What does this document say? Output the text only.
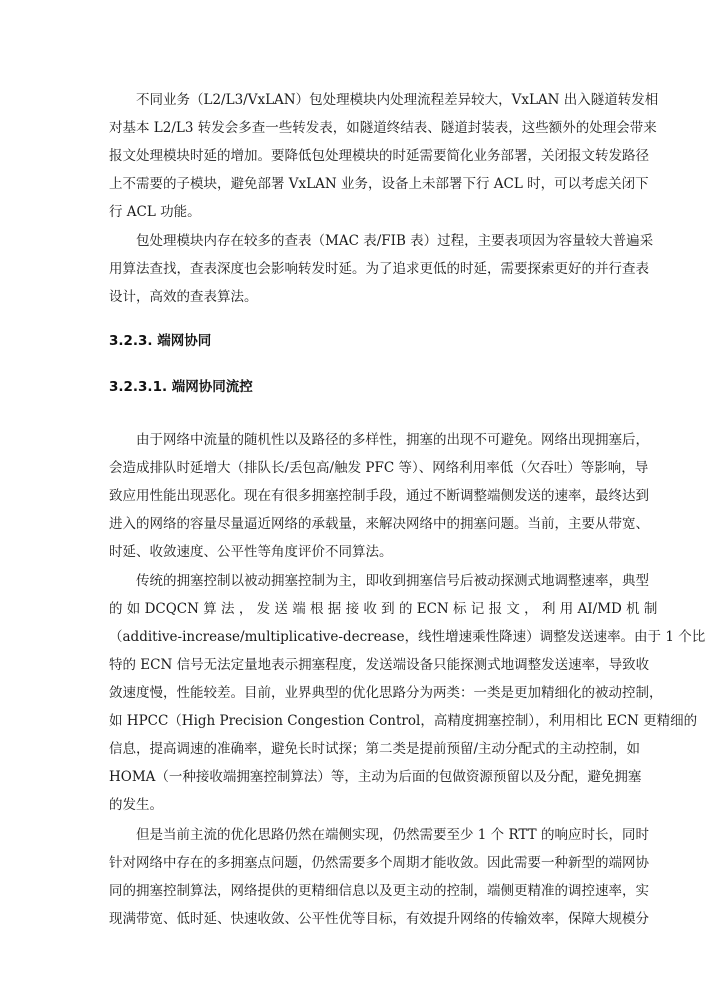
不同业务（L2/L3/VxLAN）包处理模块内处理流程差异较大，VxLAN 出入隧道转发相
对基本 L2/L3 转发会多查一些转发表，如隧道终结表、隧道封装表，这些额外的处理会带来
报文处理模块时延的增加。要降低包处理模块的时延需要简化业务部署，关闭报文转发路径
上不需要的子模块，避免部署 VxLAN 业务，设备上未部署下行 ACL 时，可以考虑关闭下
行 ACL 功能。
包处理模块内存在较多的查表（MAC 表/FIB 表）过程，主要表项因为容量较大普遍采
用算法查找，查表深度也会影响转发时延。为了追求更低的时延，需要探索更好的并行查表
设计，高效的查表算法。
3.2.3. 端网协同
3.2.3.1. 端网协同流控
由于网络中流量的随机性以及路径的多样性，拥塞的出现不可避免。网络出现拥塞后，
会造成排队时延增大（排队长/丢包高/触发 PFC 等）、网络利用率低（欠吞吐）等影响，导
致应用性能出现恶化。现在有很多拥塞控制手段，通过不断调整端侧发送的速率，最终达到
进入的网络的容量尽量逼近网络的承载量，来解决网络中的拥塞问题。当前，主要从带宽、
时延、收敛速度、公平性等角度评价不同算法。
传统的拥塞控制以被动拥塞控制为主，即收到拥塞信号后被动探测式地调整速率，典型
的 如 DCQCN 算 法 ， 发 送 端 根 据 接 收 到 的 ECN 标 记 报 文 ， 利 用 AI/MD 机 制
（additive-increase/multiplicative-decrease，线性增速乘性降速）调整发送速率。由于 1 个比
特的 ECN 信号无法定量地表示拥塞程度，发送端设备只能探测式地调整发送速率，导致收
敛速度慢，性能较差。目前，业界典型的优化思路分为两类：一类是更加精细化的被动控制，
如 HPCC（High Precision Congestion Control，高精度拥塞控制），利用相比 ECN 更精细的
信息，提高调速的准确率，避免长时试探；第二类是提前预留/主动分配式的主动控制，如
HOMA（一种接收端拥塞控制算法）等，主动为后面的包做资源预留以及分配，避免拥塞
的发生。
但是当前主流的优化思路仍然在端侧实现，仍然需要至少 1 个 RTT 的响应时长，同时
针对网络中存在的多拥塞点问题，仍然需要多个周期才能收敛。因此需要一种新型的端网协
同的拥塞控制算法，网络提供的更精细信息以及更主动的控制，端侧更精准的调控速率，实
现满带宽、低时延、快速收敛、公平性优等目标，有效提升网络的传输效率，保障大规模分
